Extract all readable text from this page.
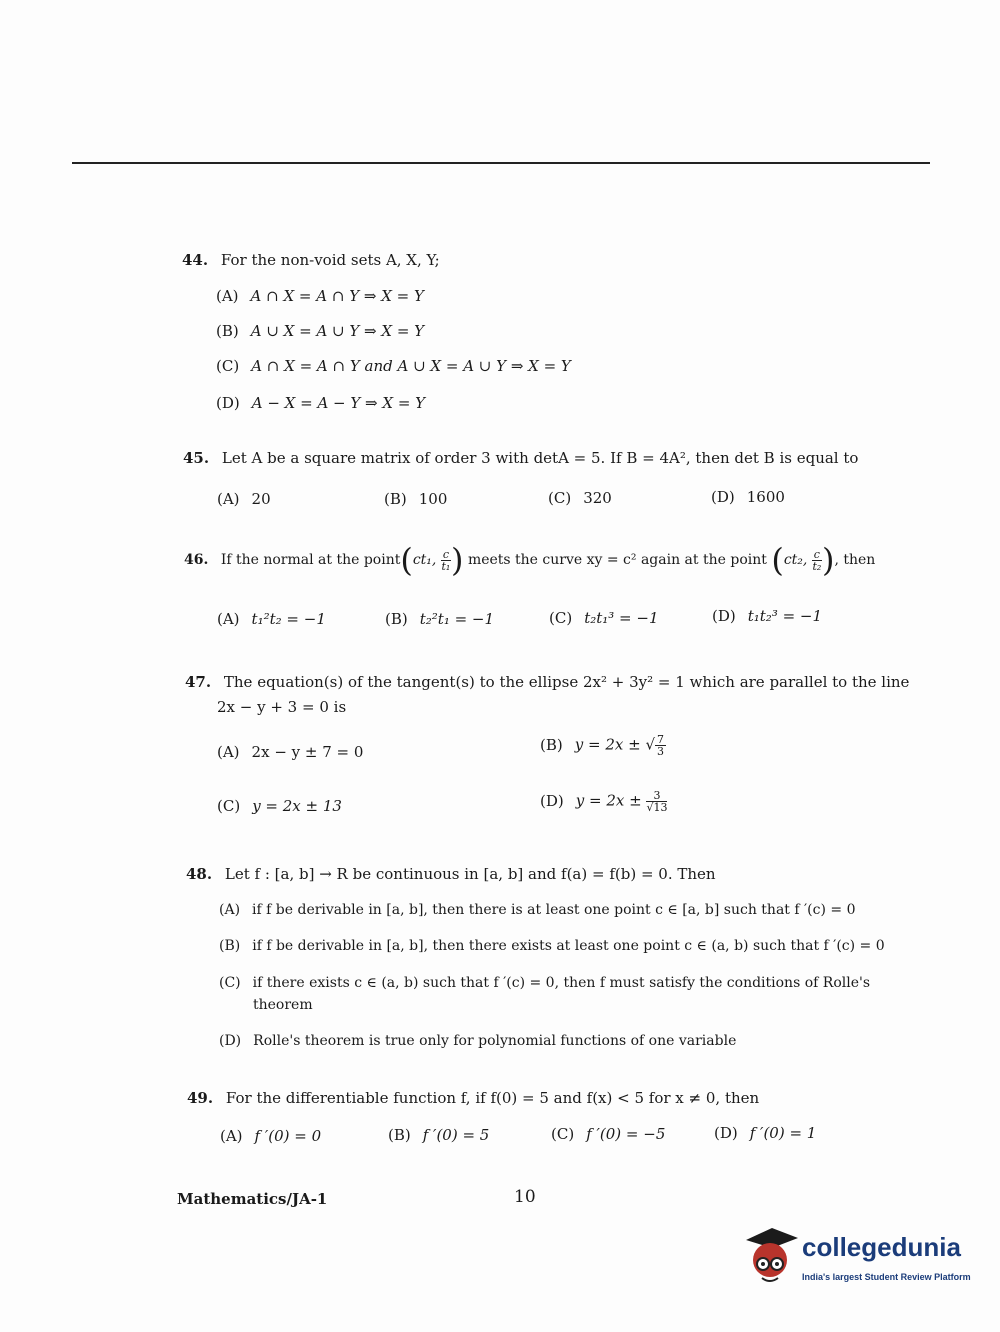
44. For the non-void sets A, X, Y;
(A) A ∩ X = A ∩ Y ⇒ X = Y
(B) A ∪ X = A ∪ Y ⇒ X = Y
(C) A ∩ X = A ∩ Y and A ∪ X = A ∪ Y ⇒ X = Y
(D) A − X = A − Y ⇒ X = Y
45. Let A be a square matrix of order 3 with detA = 5. If B = 4A², then det B is equal to
(A) 20	(B) 100	(C) 320	(D) 1600
46. If the normal at the point(ct₁, $\frac{c}{\text{t₁}}$ ) meets the curve xy = c² again at the point (ct₂, $\frac{c}{\text{t₂}}$ ), then
(A) t₁²t₂ = −1	(B) t₂²t₁ = −1	(C) t₂t₁³ = −1	(D) t₁t₂³ = −1
47. The equation(s) of the tangent(s) to the ellipse 2x² + 3y² = 1 which are parallel to the line
2x − y + 3 = 0 is
(A) 2x − y ± 7 = 0	(B) y = 2x ± √ $\frac{7}{3}$
(C) y = 2x ± 13	(D) $y = 2x \pm \frac{3}{√13}$
48. Let f : [a, b] → R be continuous in [a, b] and f(a) = f(b) = 0. Then
(A) if f be derivable in [a, b], then there is at least one point c ∈ [a, b] such that f ′(c) = 0
(B) if f be derivable in [a, b], then there exists at least one point c ∈ (a, b) such that f ′(c) = 0
(C) if there exists c ∈ (a, b) such that f ′(c) = 0, then f must satisfy the conditions of Rolle's
theorem
(D) Rolle's theorem is true only for polynomial functions of one variable
49. For the differentiable function f, if f(0) = 5 and f(x) < 5 for x ≠ 0, then
(A) f ′(0) = 0	(B) f ′(0) = 5	(C) f ′(0) = −5	(D) f ′(0) = 1
Mathematics/JA-1	10
collegedunia
India's largest Student Review Platform
